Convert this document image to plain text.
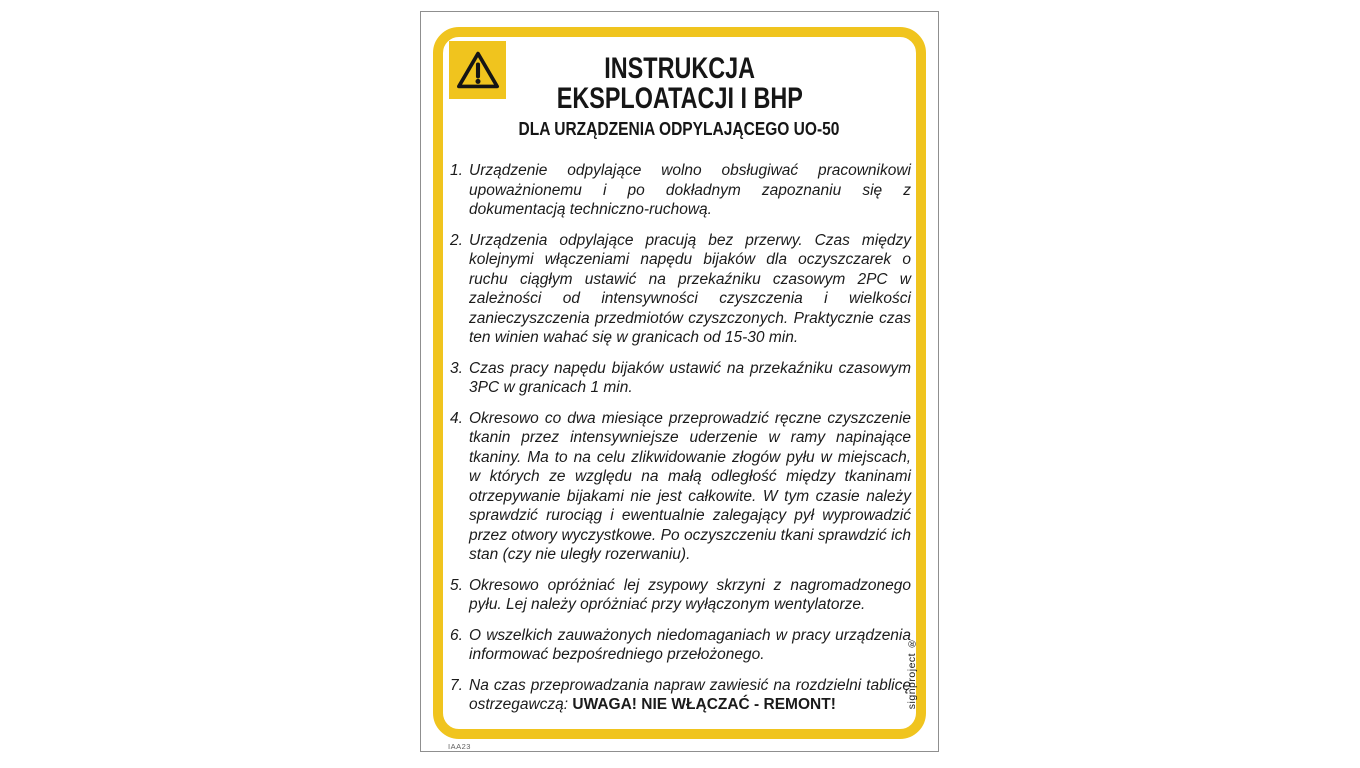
INSTRUKCJA
EKSPLOATACJI I BHP
DLA URZĄDZENIA ODPYLAJĄCEGO UO-50
1. Urządzenie odpylające wolno obsługiwać pracownikowi upoważnionemu i po dokładnym zapoznaniu się z dokumentacją techniczno-ruchową.
2. Urządzenia odpylające pracują bez przerwy. Czas między kolejnymi włączeniami napędu bijaków dla oczyszczarek o ruchu ciągłym ustawić na przekaźniku czasowym 2PC w zależności od intensywności czyszczenia i wielkości zanieczyszczenia przedmiotów czyszczonych. Praktycznie czas ten winien wahać się w granicach od 15-30 min.
3. Czas pracy napędu bijaków ustawić na przekaźniku czasowym 3PC w granicach 1 min.
4. Okresowo co dwa miesiące przeprowadzić ręczne czyszczenie tkanin przez intensywniejsze uderzenie w ramy napinające tkaniny. Ma to na celu zlikwidowanie złogów pyłu w miejscach, w których ze względu na małą odległość między tkaninami otrzepywanie bijakami nie jest całkowite. W tym czasie należy sprawdzić rurociąg i ewentualnie zalegający pył wyprowadzić przez otwory wyczystkowe. Po oczyszczeniu tkani sprawdzić ich stan (czy nie uległy rozerwaniu).
5. Okresowo opróżniać lej zsypowy skrzyni z nagromadzonego pyłu. Lej należy opróżniać przy wyłączonym wentylatorze.
6. O wszelkich zauważonych niedomaganiach w pracy urządzenia informować bezpośredniego przełożonego.
7. Na czas przeprowadzania napraw zawiesić na rozdzielni tablicę ostrzegawczą: UWAGA! NIE WŁĄCZAĆ - REMONT!	signproject ®
IAA23
